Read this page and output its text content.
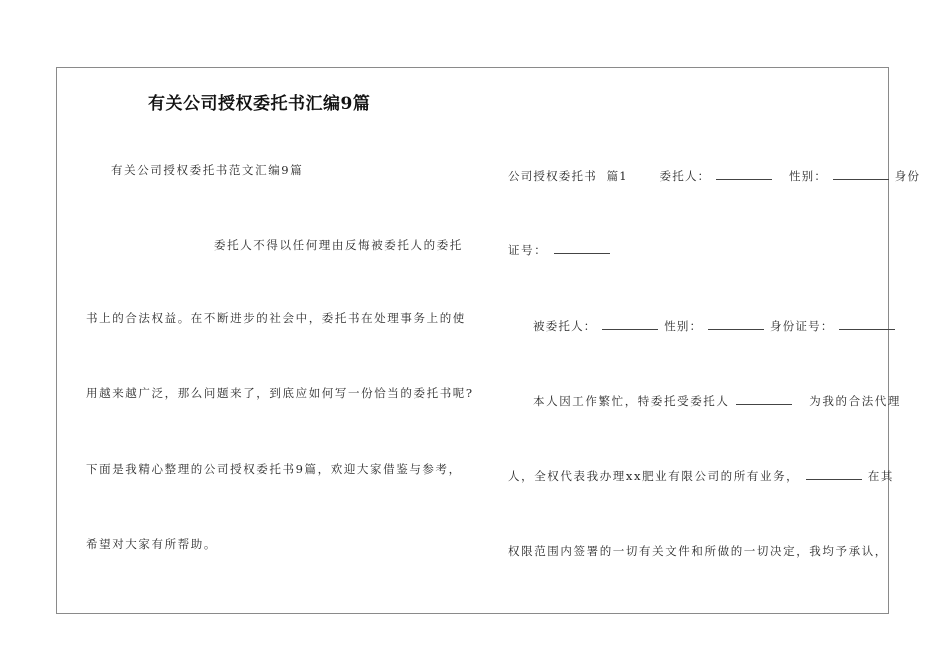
有关公司授权委托书汇编9篇
有关公司授权委托书范文汇编9篇
委托人不得以任何理由反悔被委托人的委托
书上的合法权益。在不断进步的社会中，委托书在处理事务上的使
用越来越广泛，那么问题来了，到底应如何写一份恰当的委托书呢?
下面是我精心整理的公司授权委托书9篇，欢迎大家借鉴与参考，
希望对大家有所帮助。
公司授权委托书  篇1	委托人：	性别：	身份
证号：
被委托人：	性别：	身份证号：
本人因工作繁忙，特委托受委托人	为我的合法代理
人，全权代表我办理xx肥业有限公司的所有业务，	在其
权限范围内签署的一切有关文件和所做的一切决定，我均予承认，
